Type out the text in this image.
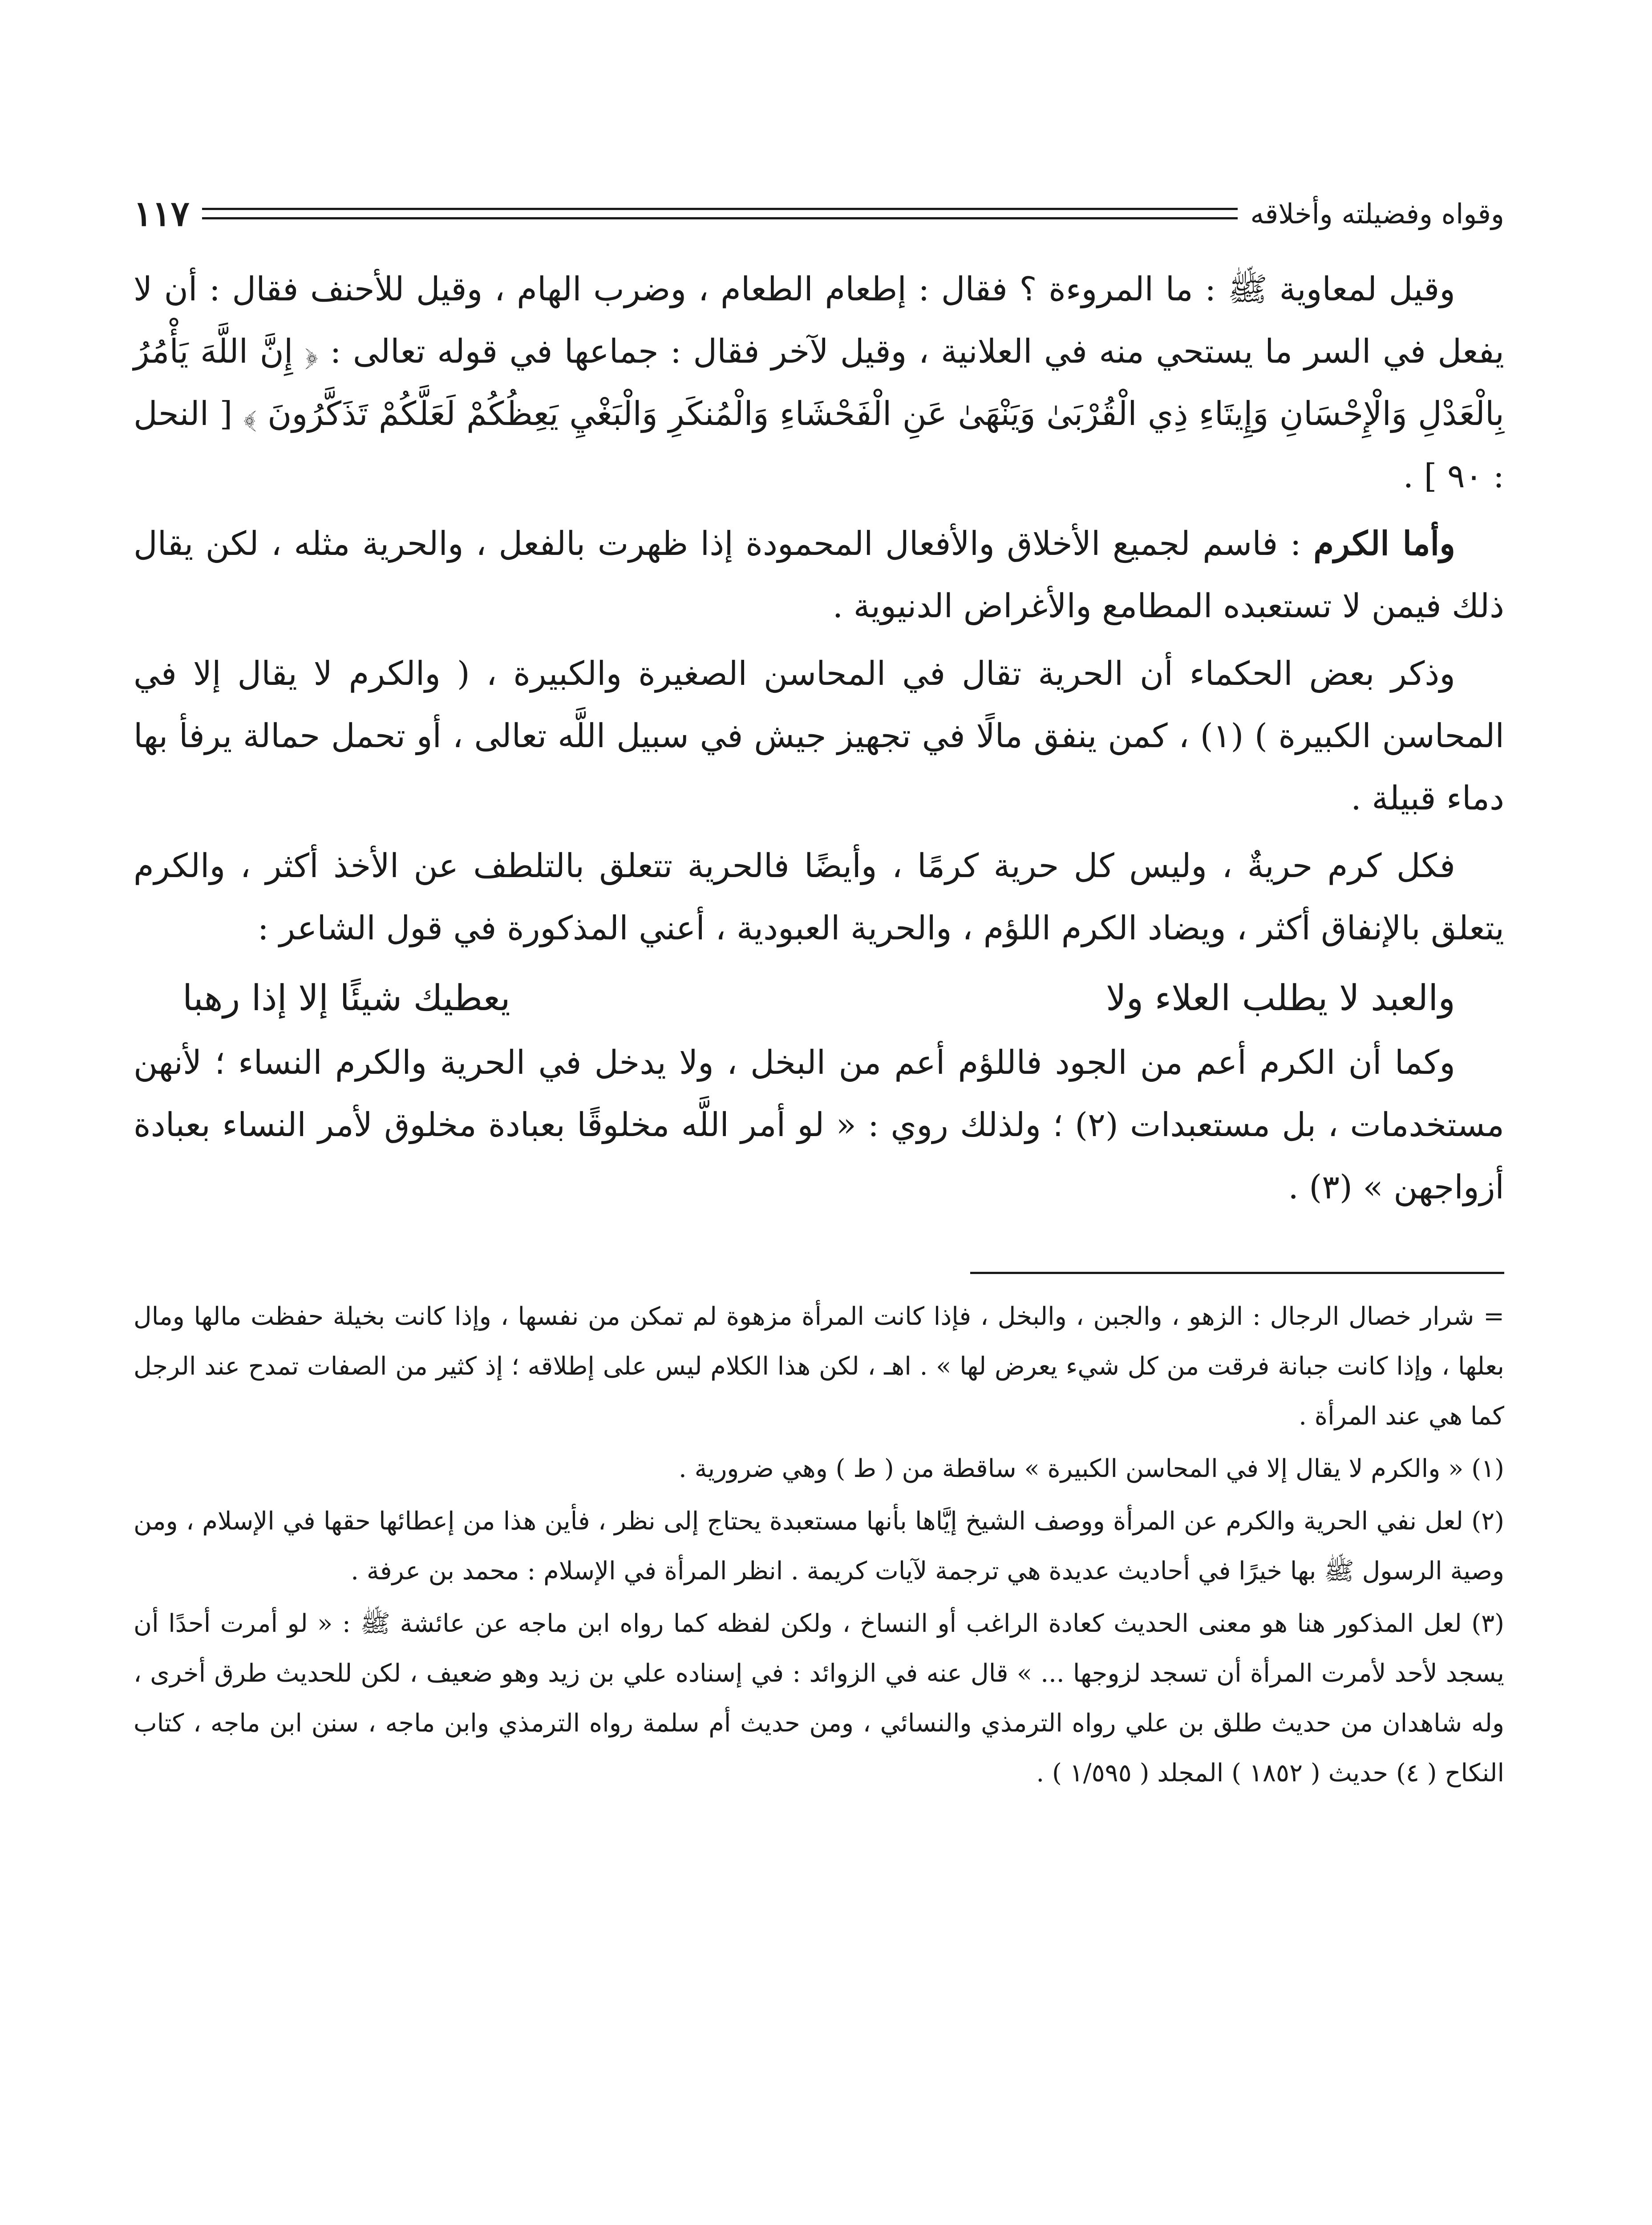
وقواه وفضيلته وأخلاقه
١١٧

وقيل لمعاوية ﷺ : ما المروءة ؟ فقال : إطعام الطعام ، وضرب الهام ، وقيل للأحنف فقال : أن لا يفعل في السر ما يستحي منه في العلانية ، وقيل لآخر فقال : جماعها في قوله تعالى : ﴿ إِنَّ اللَّهَ يَأْمُرُ بِالْعَدْلِ وَالْإِحْسَانِ وَإِيتَاءِ ذِي الْقُرْبَىٰ وَيَنْهَىٰ عَنِ الْفَحْشَاءِ وَالْمُنكَرِ وَالْبَغْيِ يَعِظُكُمْ لَعَلَّكُمْ تَذَكَّرُونَ ﴾ [ النحل : ٩٠ ] .

وأما الكرم : فاسم لجميع الأخلاق والأفعال المحمودة إذا ظهرت بالفعل ، والحرية مثله ، لكن يقال ذلك فيمن لا تستعبده المطامع والأغراض الدنيوية .

وذكر بعض الحكماء أن الحرية تقال في المحاسن الصغيرة والكبيرة ، ( والكرم لا يقال إلا في المحاسن الكبيرة ) (١) ، كمن ينفق مالًا في تجهيز جيش في سبيل اللَّه تعالى ، أو تحمل حمالة يرفأ بها دماء قبيلة .

فكل كرم حريةٌ ، وليس كل حرية كرمًا ، وأيضًا فالحرية تتعلق بالتلطف عن الأخذ أكثر ، والكرم يتعلق بالإنفاق أكثر ، ويضاد الكرم اللؤم ، والحرية العبودية ، أعني المذكورة في قول الشاعر :

والعبد لا يطلب العلاء ولا
يعطيك شيئًا إلا إذا رهبا

وكما أن الكرم أعم من الجود فاللؤم أعم من البخل ، ولا يدخل في الحرية والكرم النساء ؛ لأنهن مستخدمات ، بل مستعبدات (٢) ؛ ولذلك روي : « لو أمر اللَّه مخلوقًا بعبادة مخلوق لأمر النساء بعبادة أزواجهن » (٣) .

= شرار خصال الرجال : الزهو ، والجبن ، والبخل ، فإذا كانت المرأة مزهوة لم تمكن من نفسها ، وإذا كانت بخيلة حفظت مالها ومال بعلها ، وإذا كانت جبانة فرقت من كل شيء يعرض لها » . اهـ ، لكن هذا الكلام ليس على إطلاقه ؛ إذ كثير من الصفات تمدح عند الرجل كما هي عند المرأة .

(١) « والكرم لا يقال إلا في المحاسن الكبيرة » ساقطة من ( ط ) وهي ضرورية .

(٢) لعل نفي الحرية والكرم عن المرأة ووصف الشيخ إيَّاها بأنها مستعبدة يحتاج إلى نظر ، فأين هذا من إعطائها حقها في الإسلام ، ومن وصية الرسول ﷺ بها خيرًا في أحاديث عديدة هي ترجمة لآيات كريمة . انظر المرأة في الإسلام : محمد بن عرفة .

(٣) لعل المذكور هنا هو معنى الحديث كعادة الراغب أو النساخ ، ولكن لفظه كما رواه ابن ماجه عن عائشة ﷺ : « لو أمرت أحدًا أن يسجد لأحد لأمرت المرأة أن تسجد لزوجها ... » قال عنه في الزوائد : في إسناده علي بن زيد وهو ضعيف ، لكن للحديث طرق أخرى ، وله شاهدان من حديث طلق بن علي رواه الترمذي والنسائي ، ومن حديث أم سلمة رواه الترمذي وابن ماجه ، سنن ابن ماجه ، كتاب النكاح ( ٤) حديث ( ١٨٥٢ ) المجلد ( ١/٥٩٥ ) .
